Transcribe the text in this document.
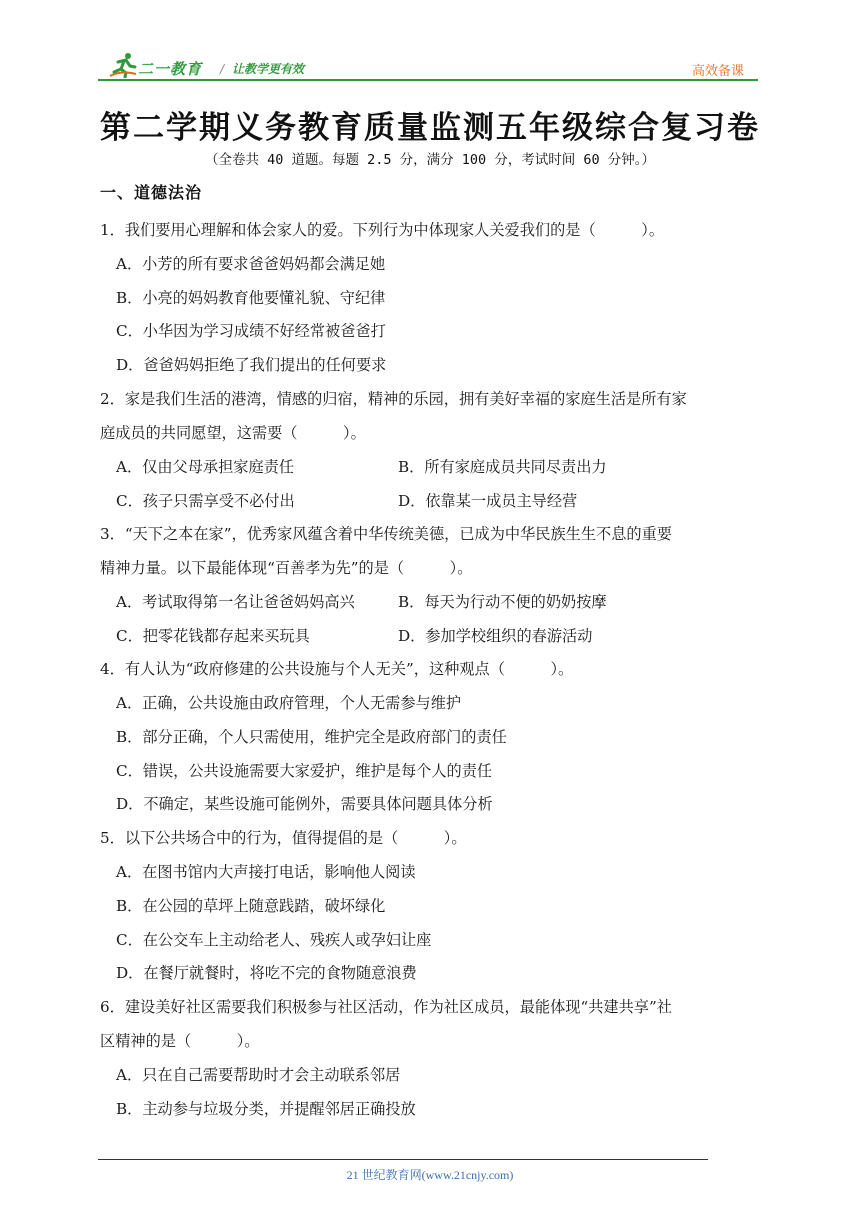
二一教育 / 让教学更有效	高效备课
第二学期义务教育质量监测五年级综合复习卷
（全卷共 40 道题。每题 2.5 分，满分 100 分，考试时间 60 分钟。）
一、道德法治
1．我们要用心理解和体会家人的爱。下列行为中体现家人关爱我们的是（　　　）。
A．小芳的所有要求爸爸妈妈都会满足她
B．小亮的妈妈教育他要懂礼貌、守纪律
C．小华因为学习成绩不好经常被爸爸打
D．爸爸妈妈拒绝了我们提出的任何要求
2．家是我们生活的港湾，情感的归宿，精神的乐园，拥有美好幸福的家庭生活是所有家
庭成员的共同愿望，这需要（　　　）。
A．仅由父母承担家庭责任	B．所有家庭成员共同尽责出力
C．孩子只需享受不必付出	D．依靠某一成员主导经营
3．“天下之本在家”，优秀家风蕴含着中华传统美德，已成为中华民族生生不息的重要
精神力量。以下最能体现“百善孝为先”的是（　　　）。
A．考试取得第一名让爸爸妈妈高兴	B．每天为行动不便的奶奶按摩
C．把零花钱都存起来买玩具	D．参加学校组织的春游活动
4．有人认为“政府修建的公共设施与个人无关”，这种观点（　　　）。
A．正确，公共设施由政府管理，个人无需参与维护
B．部分正确，个人只需使用，维护完全是政府部门的责任
C．错误，公共设施需要大家爱护，维护是每个人的责任
D．不确定，某些设施可能例外，需要具体问题具体分析
5．以下公共场合中的行为，值得提倡的是（　　　）。
A．在图书馆内大声接打电话，影响他人阅读
B．在公园的草坪上随意践踏，破坏绿化
C．在公交车上主动给老人、残疾人或孕妇让座
D．在餐厅就餐时，将吃不完的食物随意浪费
6．建设美好社区需要我们积极参与社区活动，作为社区成员，最能体现“共建共享”社
区精神的是（　　　）。
A．只在自己需要帮助时才会主动联系邻居
B．主动参与垃圾分类，并提醒邻居正确投放
21 世纪教育网(www.21cnjy.com)
